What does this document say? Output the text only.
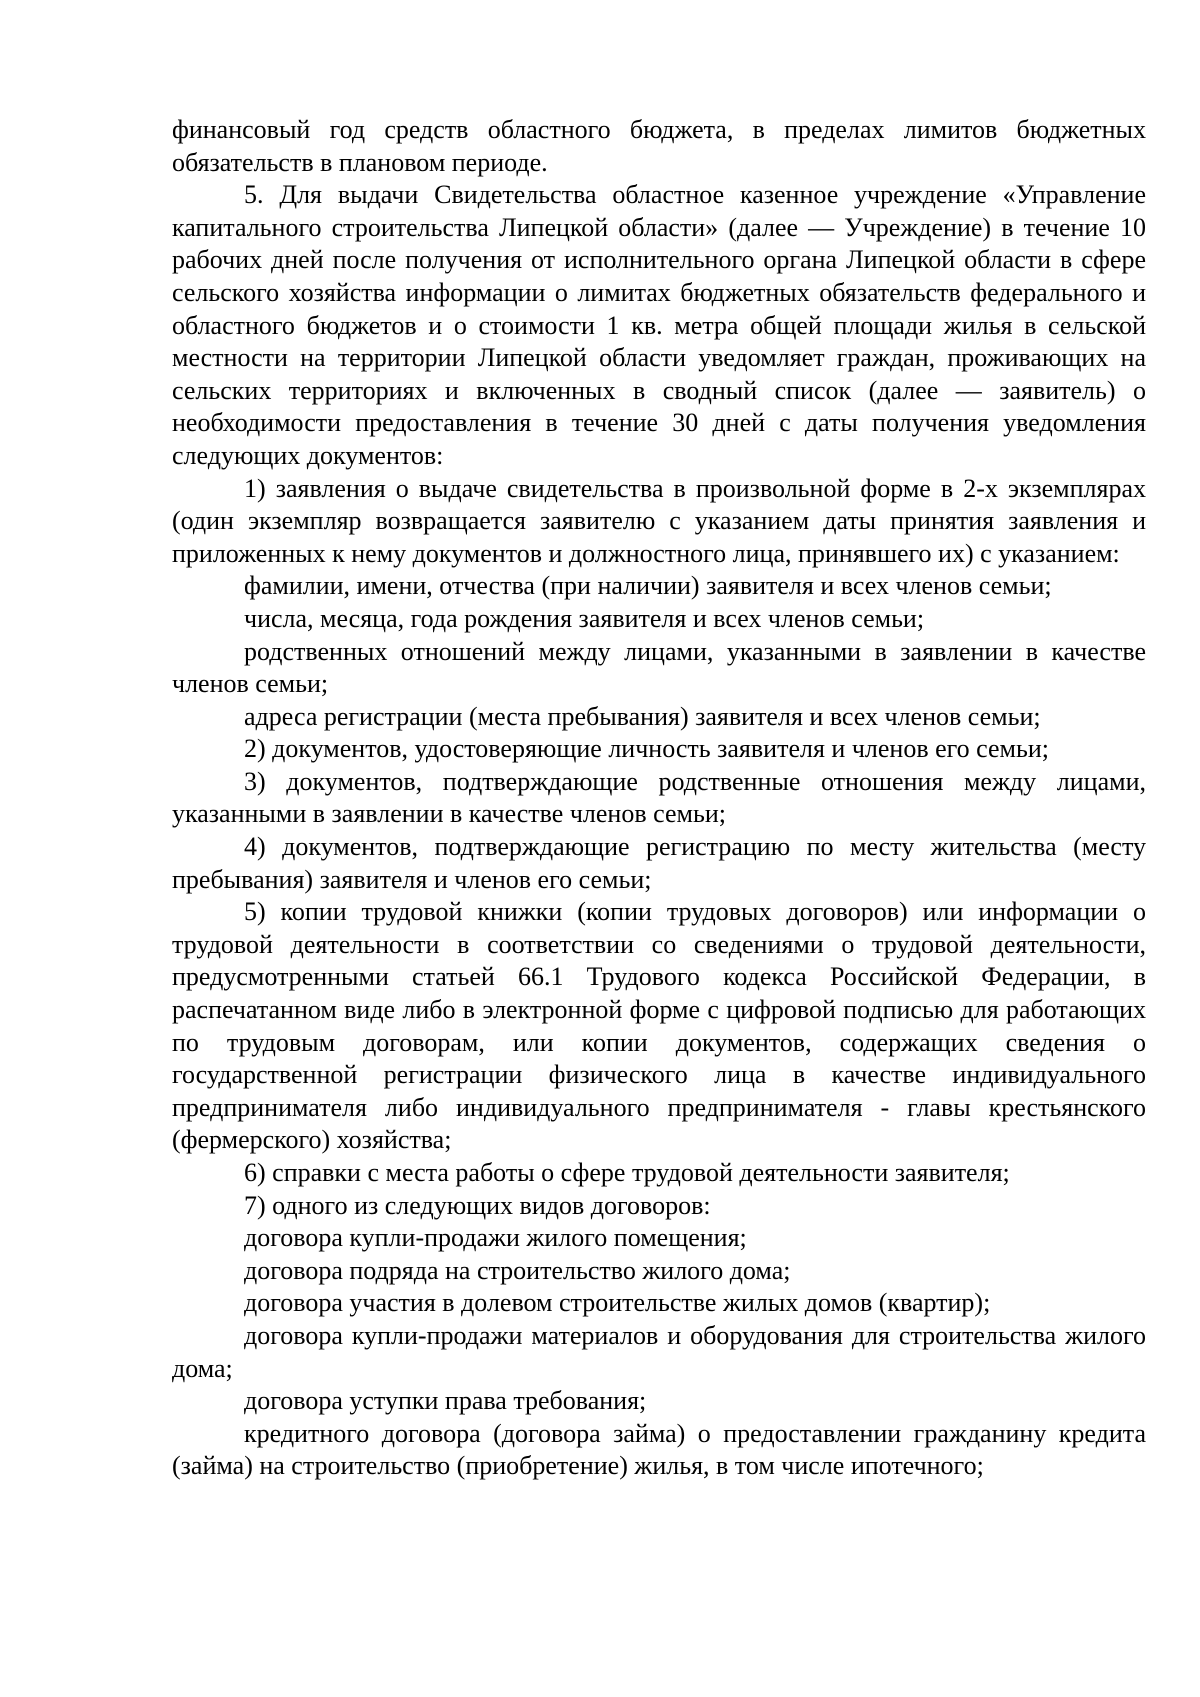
финансовый год средств областного бюджета, в пределах лимитов бюджетных обязательств в плановом периоде.

5. Для выдачи Свидетельства областное казенное учреждение «Управление капитального строительства Липецкой области» (далее — Учреждение) в течение 10 рабочих дней после получения от исполнительного органа Липецкой области в сфере сельского хозяйства информации о лимитах бюджетных обязательств федерального и областного бюджетов и о стоимости 1 кв. метра общей площади жилья в сельской местности на территории Липецкой области уведомляет граждан, проживающих на сельских территориях и включенных в сводный список (далее — заявитель) о необходимости предоставления в течение 30 дней с даты получения уведомления следующих документов:

1) заявления о выдаче свидетельства в произвольной форме в 2-х экземплярах (один экземпляр возвращается заявителю с указанием даты принятия заявления и приложенных к нему документов и должностного лица, принявшего их) с указанием:

фамилии, имени, отчества (при наличии) заявителя и всех членов семьи;

числа, месяца, года рождения заявителя и всех членов семьи;

родственных отношений между лицами, указанными в заявлении в качестве членов семьи;

адреса регистрации (места пребывания) заявителя и всех членов семьи;

2) документов, удостоверяющие личность заявителя и членов его семьи;

3) документов, подтверждающие родственные отношения между лицами, указанными в заявлении в качестве членов семьи;

4) документов, подтверждающие регистрацию по месту жительства (месту пребывания) заявителя и членов его семьи;

5) копии трудовой книжки (копии трудовых договоров) или информации о трудовой деятельности в соответствии со сведениями о трудовой деятельности, предусмотренными статьей 66.1 Трудового кодекса Российской Федерации, в распечатанном виде либо в электронной форме с цифровой подписью для работающих по трудовым договорам, или копии документов, содержащих сведения о государственной регистрации физического лица в качестве индивидуального предпринимателя либо индивидуального предпринимателя - главы крестьянского (фермерского) хозяйства;

6) справки с места работы о сфере трудовой деятельности заявителя;

7) одного из следующих видов договоров:

договора купли-продажи жилого помещения;

договора подряда на строительство жилого дома;

договора участия в долевом строительстве жилых домов (квартир);

договора купли-продажи материалов и оборудования для строительства жилого дома;

договора уступки права требования;

кредитного договора (договора займа) о предоставлении гражданину кредита (займа) на строительство (приобретение) жилья, в том числе ипотечного;
